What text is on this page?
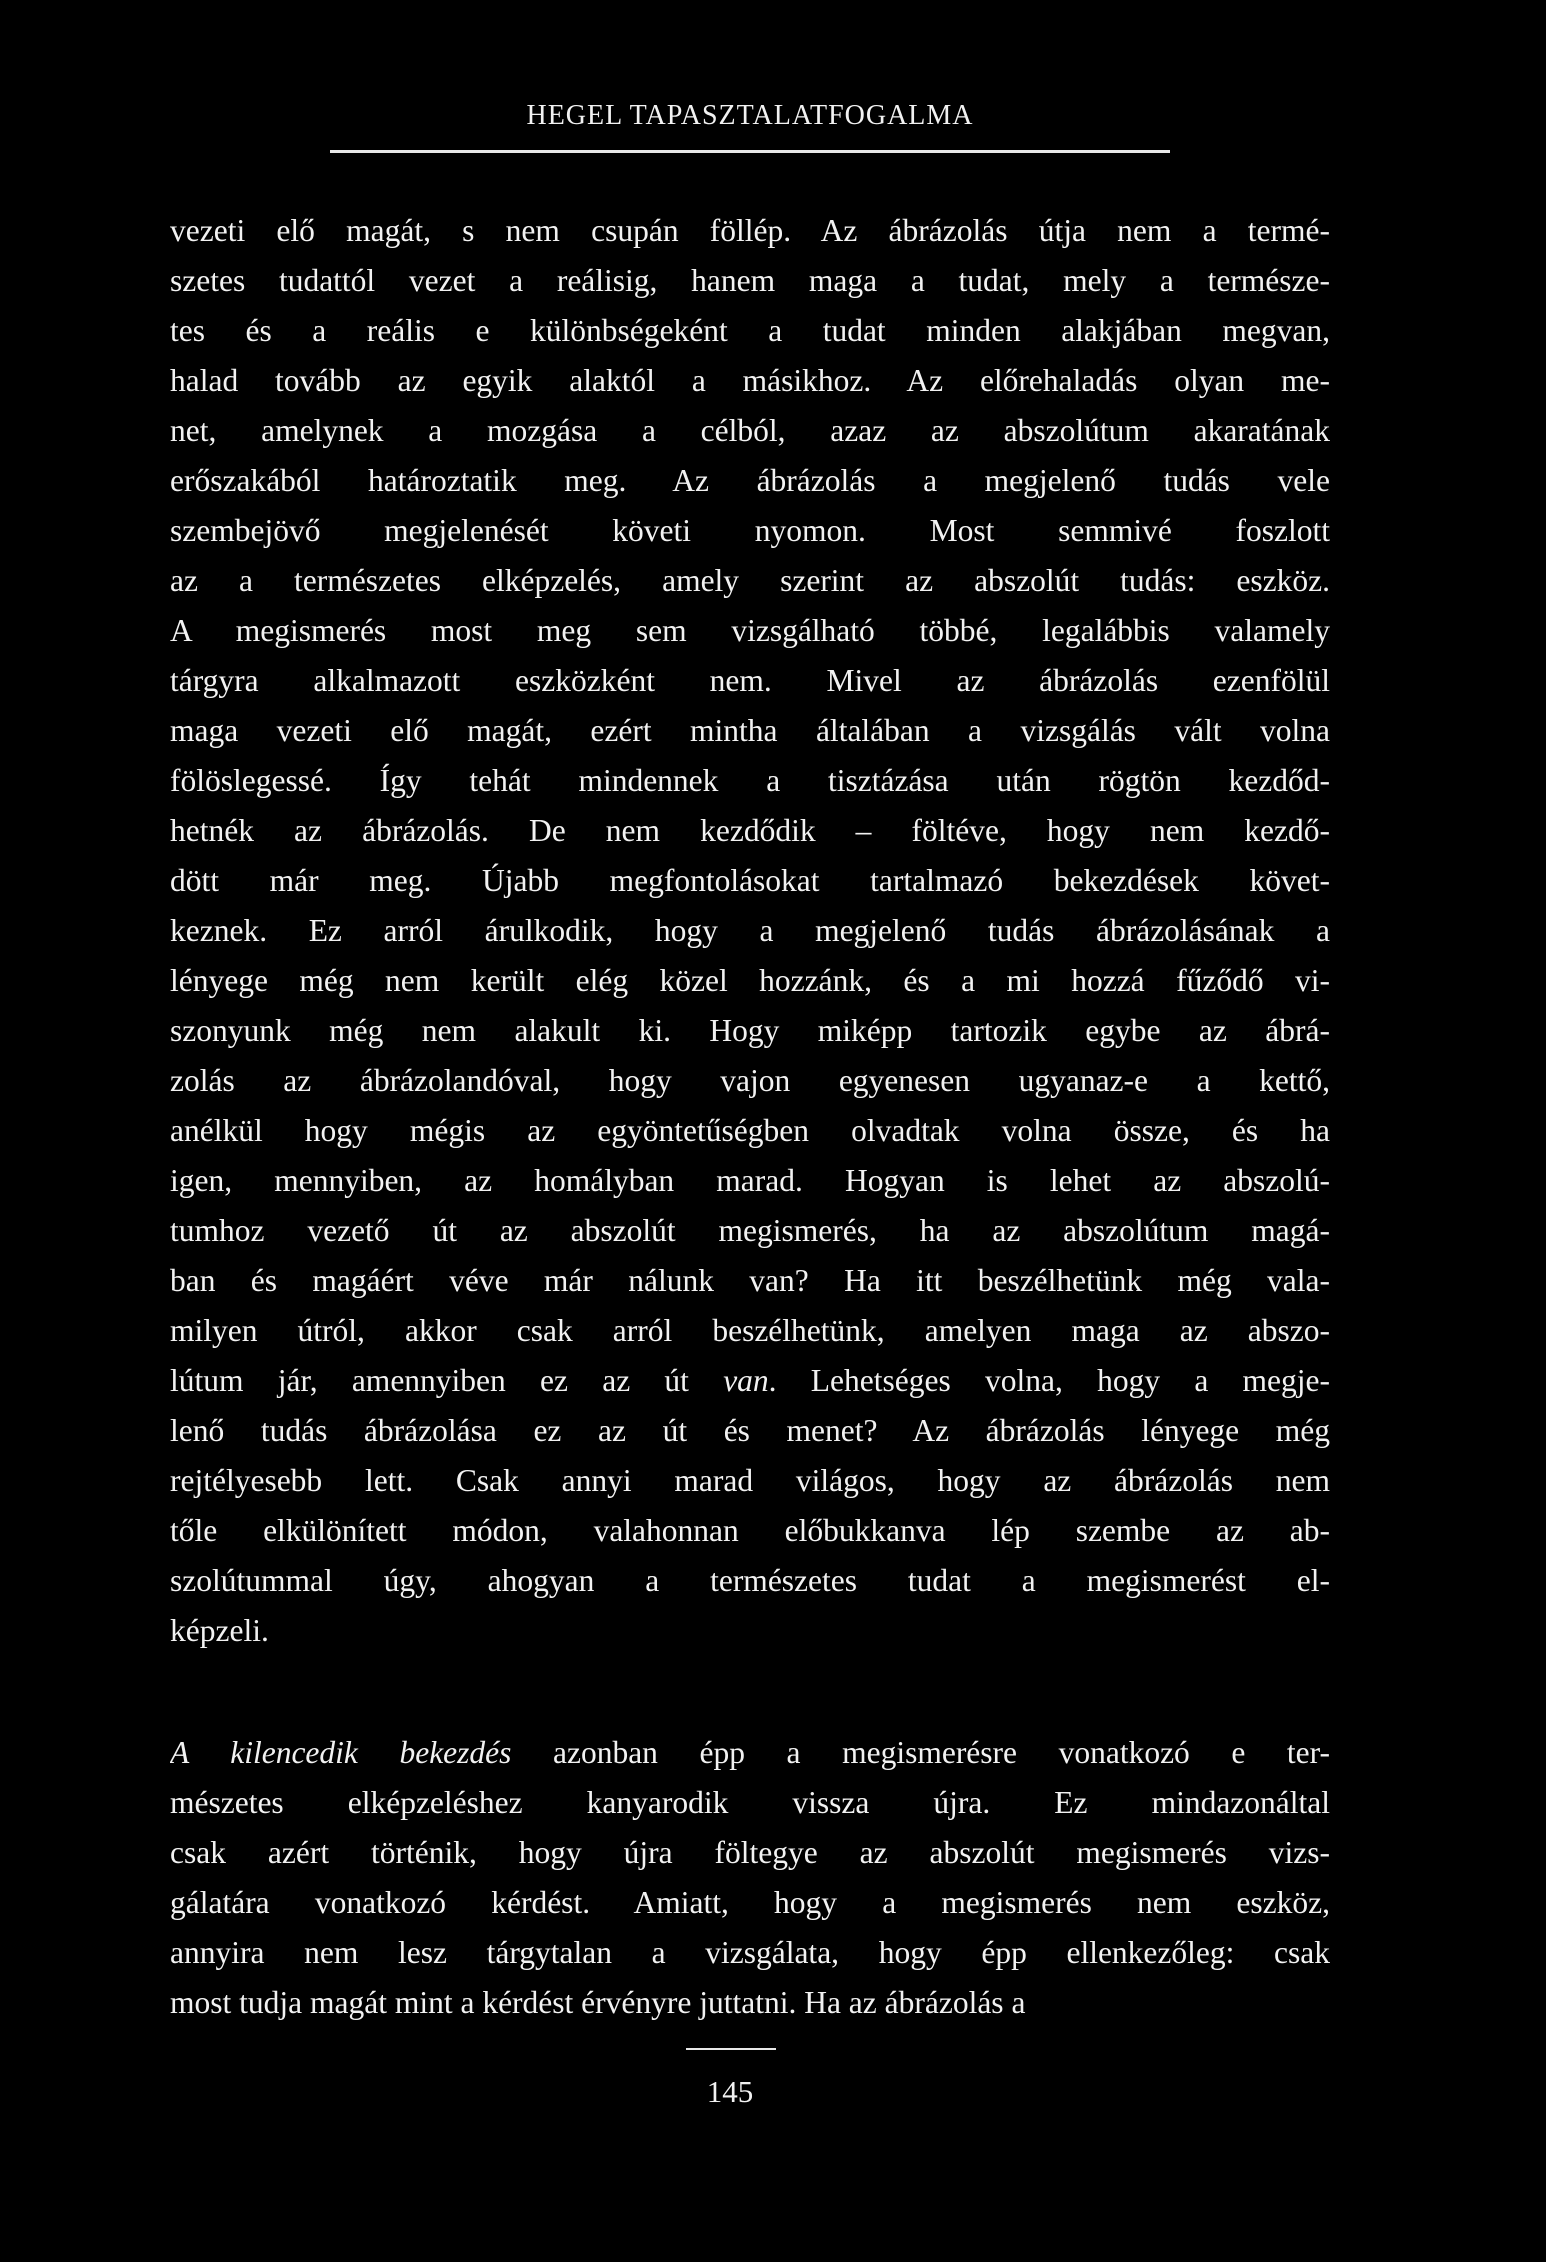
HEGEL TAPASZTALATFOGALMA
vezeti elő magát, s nem csupán föllép. Az ábrázolás útja nem a termé-
szetes tudattól vezet a reálisig, hanem maga a tudat, mely a természe-
tes és a reális e különbségeként a tudat minden alakjában megvan,
halad tovább az egyik alaktól a másikhoz. Az előrehaladás olyan me-
net, amelynek a mozgása a célból, azaz az abszolútum akaratának
erőszakából határoztatik meg. Az ábrázolás a megjelenő tudás vele
szembejövő megjelenését követi nyomon. Most semmivé foszlott
az a természetes elképzelés, amely szerint az abszolút tudás: eszköz.
A megismerés most meg sem vizsgálható többé, legalábbis valamely
tárgyra alkalmazott eszközként nem. Mivel az ábrázolás ezenfölül
maga vezeti elő magát, ezért mintha általában a vizsgálás vált volna
fölöslegessé. Így tehát mindennek a tisztázása után rögtön kezdőd-
hetnék az ábrázolás. De nem kezdődik – föltéve, hogy nem kezdő-
dött már meg. Újabb megfontolásokat tartalmazó bekezdések követ-
keznek. Ez arról árulkodik, hogy a megjelenő tudás ábrázolásának a
lényege még nem került elég közel hozzánk, és a mi hozzá fűződő vi-
szonyunk még nem alakult ki. Hogy miképp tartozik egybe az ábrá-
zolás az ábrázolandóval, hogy vajon egyenesen ugyanaz-e a kettő,
anélkül hogy mégis az egyöntetűségben olvadtak volna össze, és ha
igen, mennyiben, az homályban marad. Hogyan is lehet az abszolú-
tumhoz vezető út az abszolút megismerés, ha az abszolútum magá-
ban és magáért véve már nálunk van? Ha itt beszélhetünk még vala-
milyen útról, akkor csak arról beszélhetünk, amelyen maga az abszo-
lútum jár, amennyiben ez az út van. Lehetséges volna, hogy a megje-
lenő tudás ábrázolása ez az út és menet? Az ábrázolás lényege még
rejtélyesebb lett. Csak annyi marad világos, hogy az ábrázolás nem
tőle elkülönített módon, valahonnan előbukkanva lép szembe az ab-
szolútummal úgy, ahogyan a természetes tudat a megismerést el-
képzeli.
A kilencedik bekezdés azonban épp a megismerésre vonatkozó e ter-
mészetes elképzeléshez kanyarodik vissza újra. Ez mindazonáltal
csak azért történik, hogy újra föltegye az abszolút megismerés vizs-
gálatára vonatkozó kérdést. Amiatt, hogy a megismerés nem eszköz,
annyira nem lesz tárgytalan a vizsgálata, hogy épp ellenkezőleg: csak
most tudja magát mint a kérdést érvényre juttatni. Ha az ábrázolás a
145
